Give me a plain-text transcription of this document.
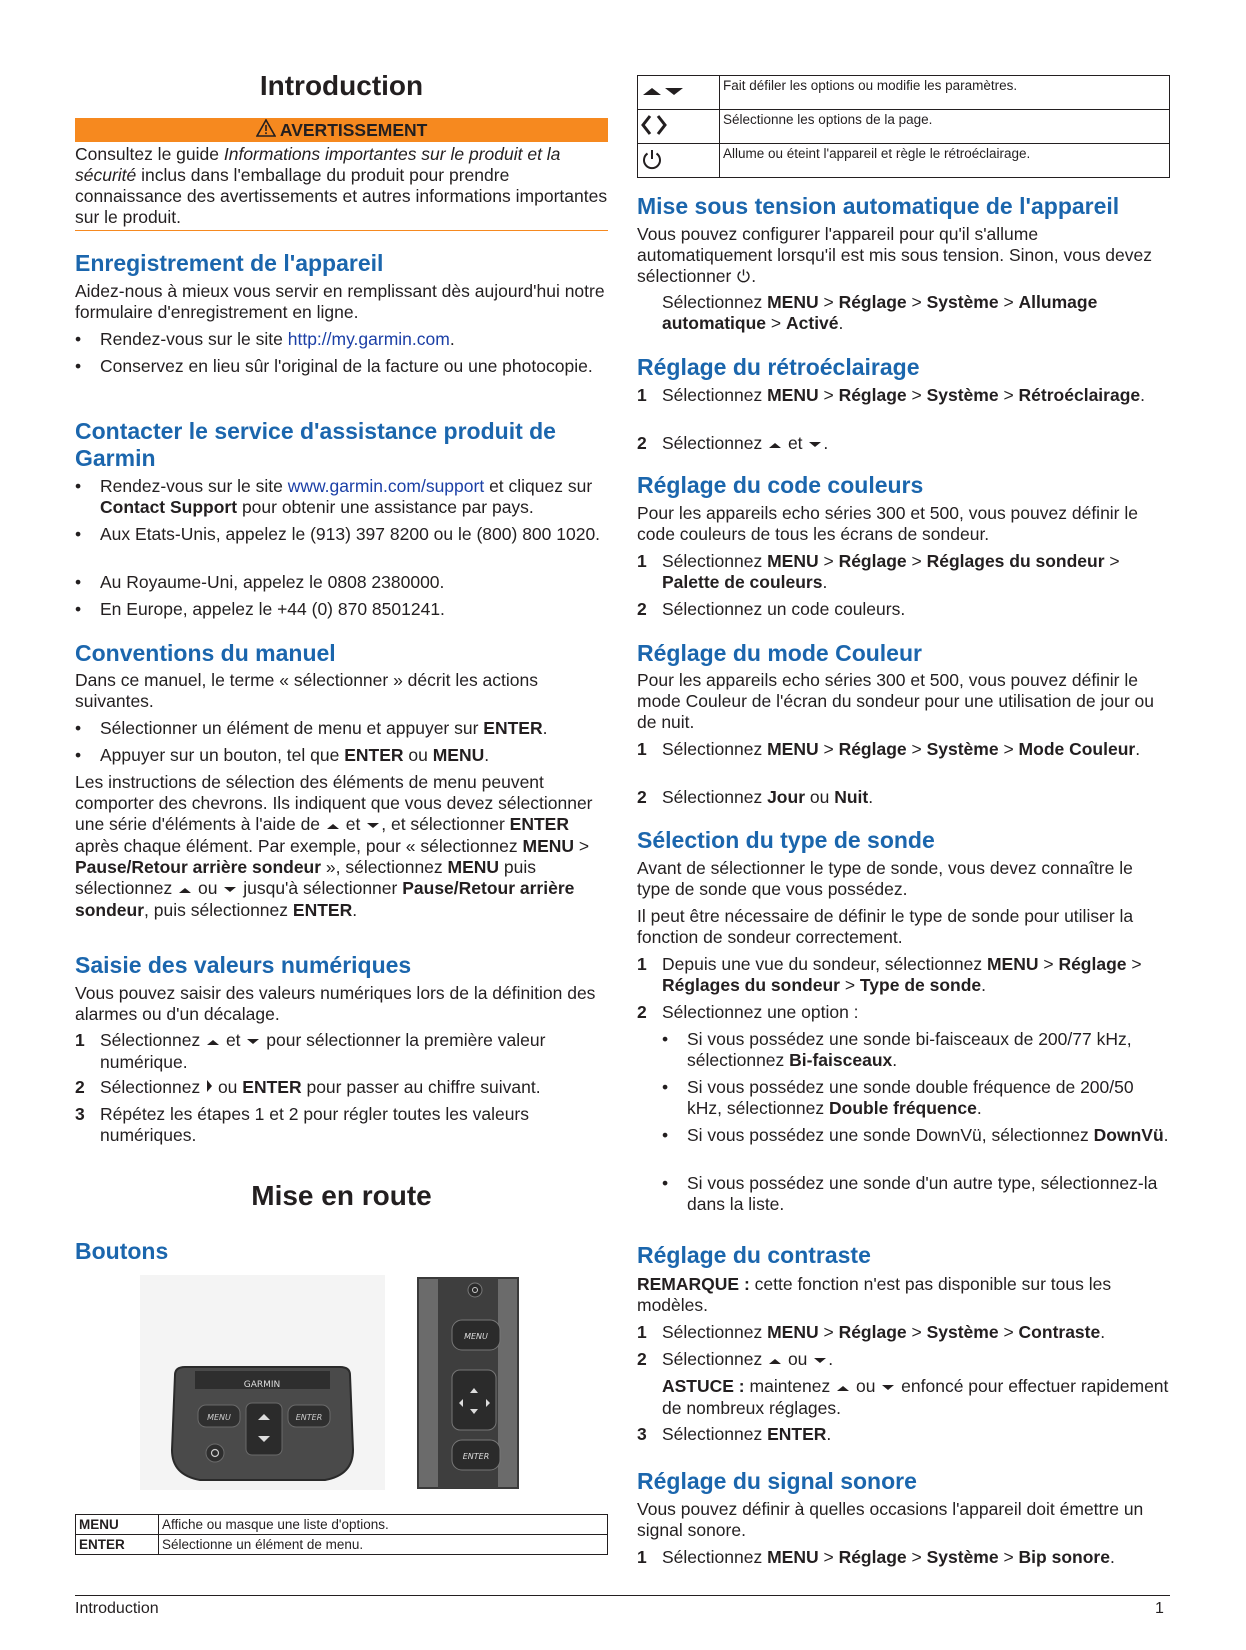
Introduction
AVERTISSEMENT

Consultez le guide Informations importantes sur le produit et la sécurité inclus dans l'emballage du produit pour prendre connaissance des avertissements et autres informations importantes sur le produit.

Enregistrement de l'appareil

Aidez-nous à mieux vous servir en remplissant dès aujourd'hui notre formulaire d'enregistrement en ligne.

• Rendez-vous sur le site http://my.garmin.com.
• Conservez en lieu sûr l'original de la facture ou une photocopie.
Contacter le service d'assistance produit de Garmin
• Rendez-vous sur le site www.garmin.com/support et cliquez sur Contact Support pour obtenir une assistance par pays.
• Aux Etats-Unis, appelez le (913) 397 8200 ou le (800) 800 1020.
• Au Royaume-Uni, appelez le 0808 2380000.
• En Europe, appelez le +44 (0) 870 8501241.
Conventions du manuel

Dans ce manuel, le terme « sélectionner » décrit les actions suivantes.

• Sélectionner un élément de menu et appuyer sur ENTER.
• Appuyer sur un bouton, tel que ENTER ou MENU.

Les instructions de sélection des éléments de menu peuvent comporter des chevrons. Ils indiquent que vous devez sélectionner une série d'éléments à l'aide de  et , et sélectionner ENTER après chaque élément. Par exemple, pour « sélectionnez MENU > Pause/Retour arrière sondeur », sélectionnez MENU puis sélectionnez  ou  jusqu'à sélectionner Pause/Retour arrière sondeur, puis sélectionnez ENTER.

Saisie des valeurs numériques

Vous pouvez saisir des valeurs numériques lors de la définition des alarmes ou d'un décalage.

1 Sélectionnez  et  pour sélectionner la première valeur numérique.
2 Sélectionnez  ou ENTER pour passer au chiffre suivant.
3 Répétez les étapes 1 et 2 pour régler toutes les valeurs numériques.
Mise en route
Boutons
GARMIN
MENU	ENTER
MENU
ENTER
MENU	Affiche ou masque une liste d'options.
ENTER	Sélectionne un élément de menu.
	Fait défiler les options ou modifie les paramètres.
	Sélectionne les options de la page.
	Allume ou éteint l'appareil et règle le rétroéclairage.
Mise sous tension automatique de l'appareil

Vous pouvez configurer l'appareil pour qu'il s'allume automatiquement lorsqu'il est mis sous tension. Sinon, vous devez sélectionner .

Sélectionnez MENU > Réglage > Système > Allumage automatique > Activé.

Réglage du rétroéclairage
1 Sélectionnez MENU > Réglage > Système > Rétroéclairage.
2 Sélectionnez  et .
Réglage du code couleurs

Pour les appareils echo séries 300 et 500, vous pouvez définir le code couleurs de tous les écrans de sondeur.

1 Sélectionnez MENU > Réglage > Réglages du sondeur > Palette de couleurs.
2 Sélectionnez un code couleurs.
Réglage du mode Couleur

Pour les appareils echo séries 300 et 500, vous pouvez définir le mode Couleur de l'écran du sondeur pour une utilisation de jour ou de nuit.

1 Sélectionnez MENU > Réglage > Système > Mode Couleur.
2 Sélectionnez Jour ou Nuit.
Sélection du type de sonde

Avant de sélectionner le type de sonde, vous devez connaître le type de sonde que vous possédez.

Il peut être nécessaire de définir le type de sonde pour utiliser la fonction de sondeur correctement.

1 Depuis une vue du sondeur, sélectionnez MENU > Réglage > Réglages du sondeur > Type de sonde.
2 Sélectionnez une option :
• Si vous possédez une sonde bi-faisceaux de 200/77 kHz, sélectionnez Bi-faisceaux.
• Si vous possédez une sonde double fréquence de 200/50 kHz, sélectionnez Double fréquence.
• Si vous possédez une sonde DownVü, sélectionnez DownVü.
• Si vous possédez une sonde d'un autre type, sélectionnez-la dans la liste.
Réglage du contraste

REMARQUE : cette fonction n'est pas disponible sur tous les modèles.

1 Sélectionnez MENU > Réglage > Système > Contraste.
2 Sélectionnez  ou .

ASTUCE : maintenez  ou  enfoncé pour effectuer rapidement de nombreux réglages.

3 Sélectionnez ENTER.
Réglage du signal sonore

Vous pouvez définir à quelles occasions l'appareil doit émettre un signal sonore.

1 Sélectionnez MENU > Réglage > Système > Bip sonore.
Introduction	1
